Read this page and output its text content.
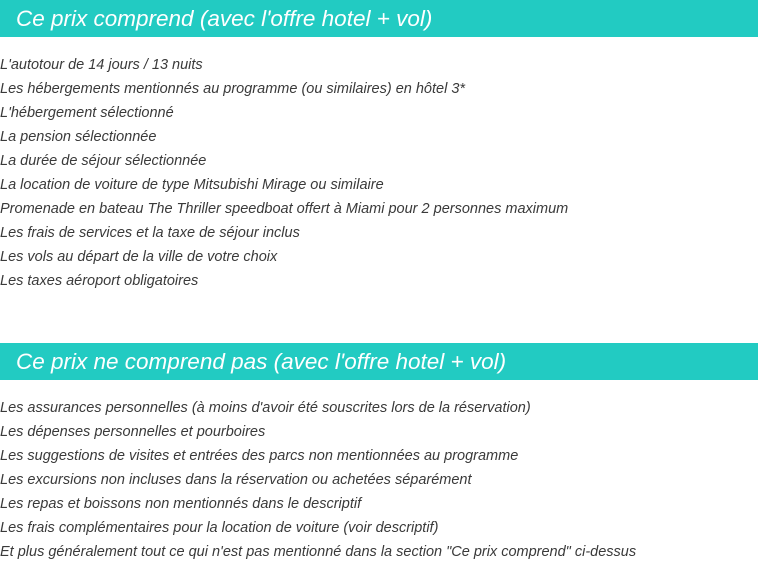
Ce prix comprend (avec l'offre hotel + vol)
L'autotour de 14 jours / 13 nuits
Les hébergements mentionnés au programme (ou similaires) en hôtel 3*
L'hébergement sélectionné
La pension sélectionnée
La durée de séjour sélectionnée
La location de voiture de type Mitsubishi Mirage ou similaire
Promenade en bateau The Thriller speedboat offert à Miami pour 2 personnes maximum
Les frais de services et la taxe de séjour inclus
Les vols au départ de la ville de votre choix
Les taxes aéroport obligatoires
Ce prix ne comprend pas (avec l'offre hotel + vol)
Les assurances personnelles (à moins d'avoir été souscrites lors de la réservation)
Les dépenses personnelles et pourboires
Les suggestions de visites et entrées des parcs non mentionnées au programme
Les excursions non incluses dans la réservation ou achetées séparément
Les repas et boissons non mentionnés dans le descriptif
Les frais complémentaires pour la location de voiture (voir descriptif)
Et plus généralement tout ce qui n'est pas mentionné dans la section "Ce prix comprend" ci-dessus
